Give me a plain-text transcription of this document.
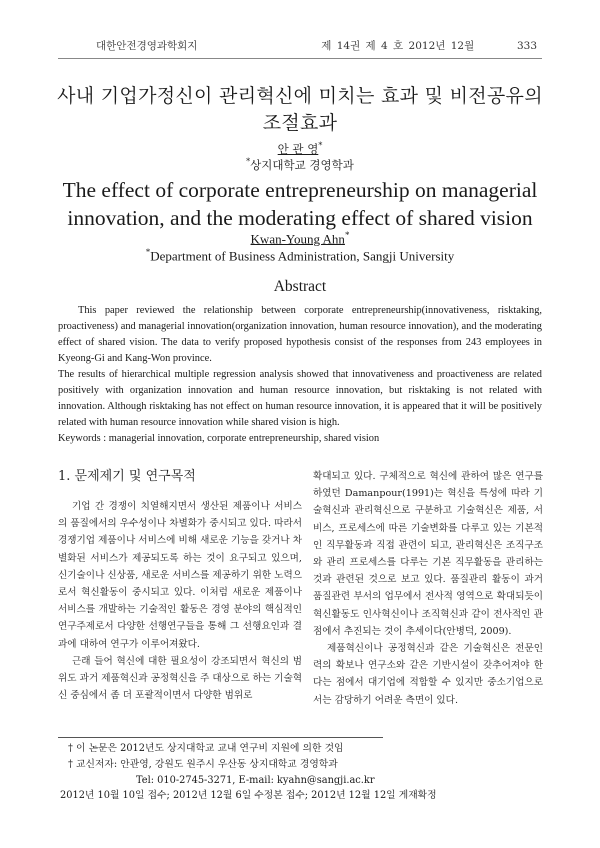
대한안전경영과학회지	제 14권 제 4 호 2012년 12월	333
사내 기업가정신이 관리혁신에 미치는 효과 및 비전공유의
조절효과
안 관 영*
*상지대학교 경영학과
The effect of corporate entrepreneurship on managerial
innovation, and the moderating effect of shared vision
Kwan-Young Ahn*
*Department of Business Administration, Sangji University
Abstract

This paper reviewed the relationship between corporate entrepreneurship(innovativeness, risktaking, proactiveness) and managerial innovation(organization innovation, human resource innovation), and the moderating effect of shared vision. The data to verify proposed hypothesis consist of the responses from 243 employees in Kyeong-Gi and Kang-Won province.

The results of hierarchical multiple regression analysis showed that innovativeness and proactiveness are related positively with organization innovation and human resource innovation, but risktaking is not related with innovation. Although risktaking has not effect on human resource innovation, it is appeared that it will be positively related with human resource innovation while shared vision is high.

Keywords : managerial innovation, corporate entrepreneurship, shared vision

1. 문제제기 및 연구목적

기업 간 경쟁이 치열해지면서 생산된 제품이나 서비스의 품질에서의 우수성이나 차별화가 중시되고 있다. 따라서 경쟁기업 제품이나 서비스에 비해 새로운 기능을 갖거나 차별화된 서비스가 제공되도록 하는 것이 요구되고 있으며, 신기술이나 신상품, 새로운 서비스를 제공하기 위한 노력으로서 혁신활동이 중시되고 있다. 이처럼 새로운 제품이나 서비스를 개발하는 기술적인 활동은 경영 분야의 핵심적인 연구주제로서 다양한 선행연구들을 통해 그 선행요인과 결과에 대하여 연구가 이루어져왔다.

근래 들어 혁신에 대한 필요성이 강조되면서 혁신의 범위도 과거 제품혁신과 공정혁신을 주 대상으로 하는 기술혁신 중심에서 좀 더 포괄적이면서 다양한 범위로

확대되고 있다. 구체적으로 혁신에 관하여 많은 연구를 하였던 Damanpour(1991)는 혁신을 특성에 따라 기술혁신과 관리혁신으로 구분하고 기술혁신은 제품, 서비스, 프로세스에 따른 기술변화를 다루고 있는 기본적인 직무활동과 직접 관련이 되고, 관리혁신은 조직구조와 관리 프로세스를 다루는 기본 직무활동을 관리하는 것과 관련된 것으로 보고 있다. 품질관리 활동이 과거 품질관련 부서의 업무에서 전사적 영역으로 확대되듯이 혁신활동도 인사혁신이나 조직혁신과 같이 전사적인 관점에서 추진되는 것이 추세이다(안병덕, 2009).

제품혁신이나 공정혁신과 같은 기술혁신은 전문인력의 확보나 연구소와 같은 기반시설이 갖추어져야 한다는 점에서 대기업에 적합할 수 있지만 중소기업으로서는 감당하기 어려운 측면이 있다.

† 이 논문은 2012년도 상지대학교 교내 연구비 지원에 의한 것임
† 교신저자: 안관영, 강원도 원주시 우산동 상지대학교 경영학과
Tel: 010-2745-3271, E-mail: kyahn@sangji.ac.kr
2012년 10월 10일 접수; 2012년 12월 6일 수정본 접수; 2012년 12월 12일 게재확정
